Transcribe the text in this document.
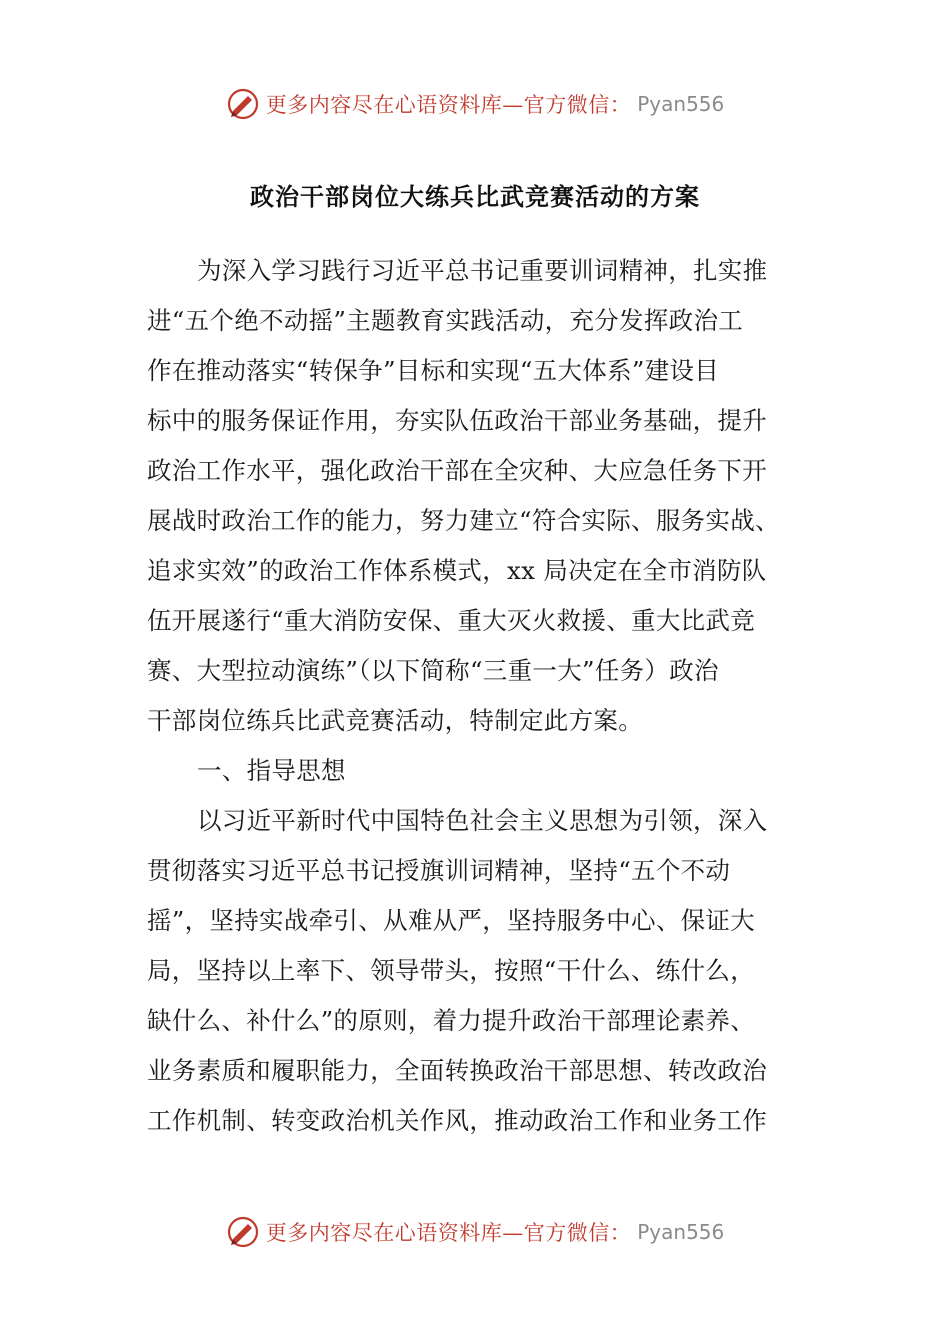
更多内容尽在心语资料库—官方微信： Pyan556
政治干部岗位大练兵比武竞赛活动的方案
为深入学习践行习近平总书记重要训词精神，扎实推
进“五个绝不动摇”主题教育实践活动，充分发挥政治工
作在推动落实“转保争”目标和实现“五大体系”建设目
标中的服务保证作用，夯实队伍政治干部业务基础，提升
政治工作水平，强化政治干部在全灾种、大应急任务下开
展战时政治工作的能力，努力建立“符合实际、服务实战、
追求实效”的政治工作体系模式，xx 局决定在全市消防队
伍开展遂行“重大消防安保、重大灭火救援、重大比武竞
赛、大型拉动演练”（以下简称“三重一大”任务）政治
干部岗位练兵比武竞赛活动，特制定此方案。
一、指导思想
以习近平新时代中国特色社会主义思想为引领，深入
贯彻落实习近平总书记授旗训词精神，坚持“五个不动
摇”，坚持实战牵引、从难从严，坚持服务中心、保证大
局，坚持以上率下、领导带头，按照“干什么、练什么，
缺什么、补什么”的原则，着力提升政治干部理论素养、
业务素质和履职能力，全面转换政治干部思想、转改政治
工作机制、转变政治机关作风，推动政治工作和业务工作
更多内容尽在心语资料库—官方微信： Pyan556
